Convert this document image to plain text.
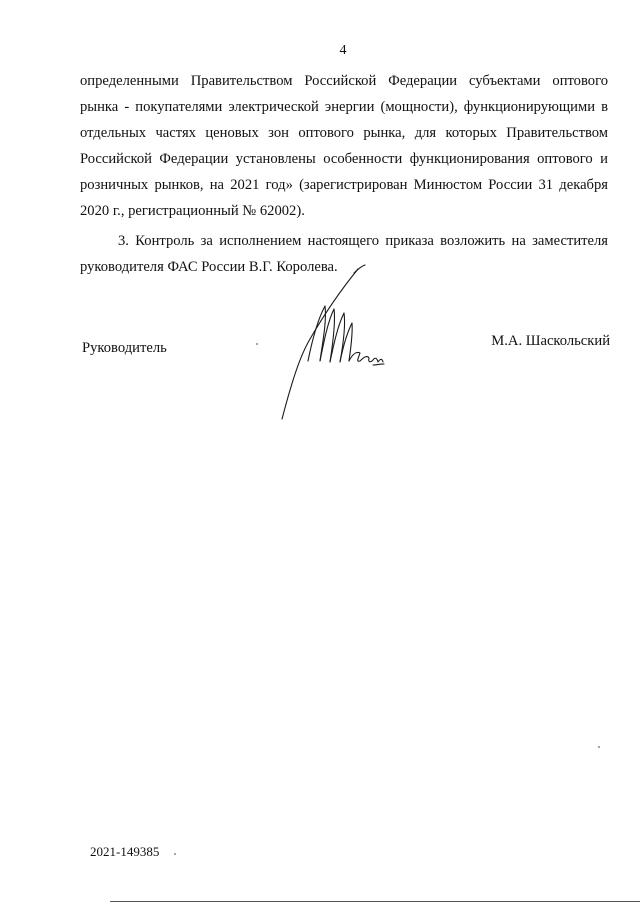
4
определенными Правительством Российской Федерации субъектами оптового
рынка - покупателями электрической энергии (мощности), функционирующими в
отдельных частях ценовых зон оптового рынка, для которых Правительством
Российской Федерации установлены особенности функционирования оптового и
розничных рынков, на 2021 год» (зарегистрирован Минюстом России 31 декабря
2020 г., регистрационный № 62002).
3. Контроль за исполнением настоящего приказа возложить на заместителя
руководителя ФАС России В.Г. Королева.
Руководитель	М.А. Шаскольский
2021-149385
